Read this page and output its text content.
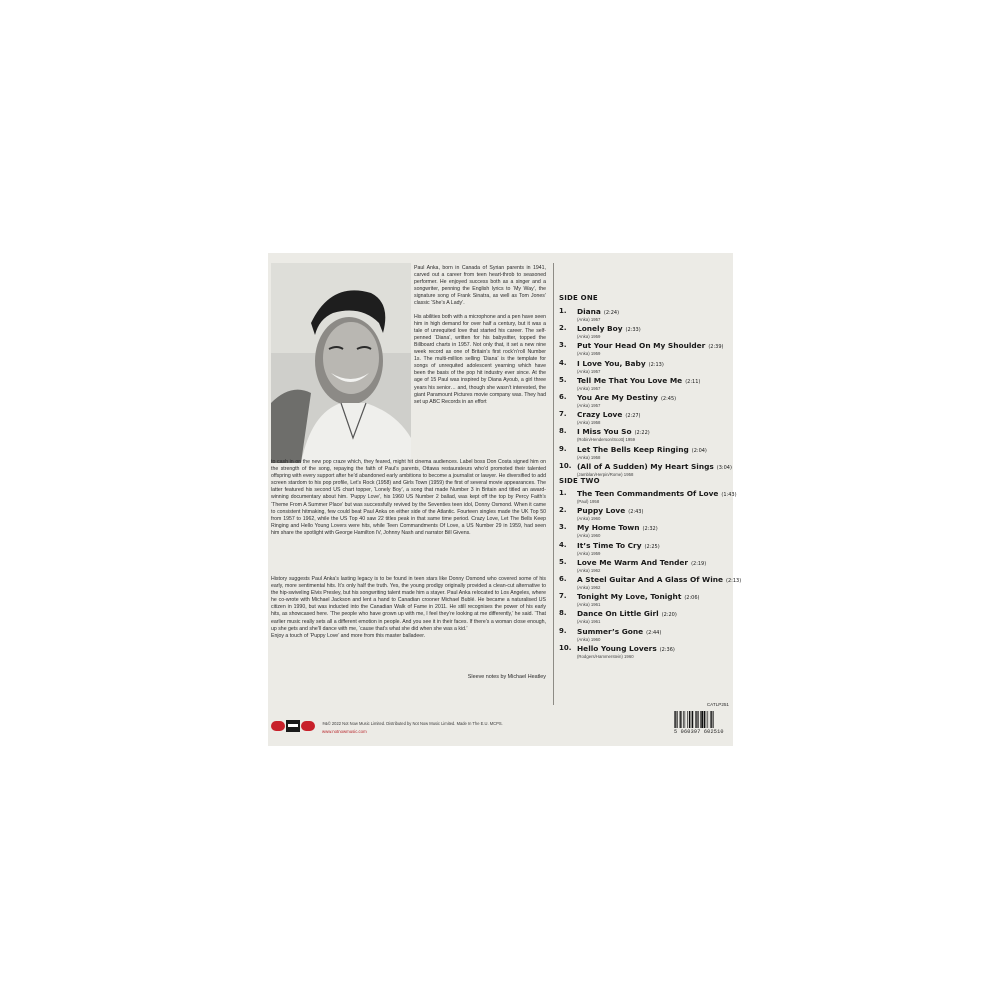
Paul Anka, born in Canada of Syrian parents in 1941, carved out a career from teen heart-throb to seasoned performer. He enjoyed success both as a singer and a songwriter, penning the English lyrics to ‘My Way’, the signature song of Frank Sinatra, as well as Tom Jones’ classic ‘She’s A Lady’.

His abilities both with a microphone and a pen have seen him in high demand for over half a century, but it was a tale of unrequited love that started his career. The self-penned ‘Diana’, written for his babysitter, topped the Billboard charts in 1957. Not only that, it set a new nine week record as one of Britain’s first rock’n’roll Number 1s. The multi-million selling ‘Diana’ is the template for songs of unrequited adolescent yearning which have been the basis of the pop hit industry ever since. At the age of 15 Paul was inspired by Diana Ayoub, a girl three years his senior… and, though she wasn’t interested, the giant Paramount Pictures movie company was. They had set up ABC Records in an effort

to cash in on the new pop craze which, they feared, might hit cinema audiences. Label boss Don Costa signed him on the strength of the song, repaying the faith of Paul’s parents, Ottawa restaurateurs who’d promoted their talented offspring with every support after he’d abandoned early ambitions to become a journalist or lawyer. He diversified to add screen stardom to his pop profile, Let’s Rock (1958) and Girls Town (1959) the first of several movie appearances. The latter featured his second US chart topper, ‘Lonely Boy’, a song that made Number 3 in Britain and titled an award-winning documentary about him. ‘Puppy Love’, his 1960 US Number 2 ballad, was kept off the top by Percy Faith’s ‘Theme From A Summer Place’ but was successfully revived by the Seventies teen idol, Donny Osmond. When it came to consistent hitmaking, few could beat Paul Anka on either side of the Atlantic. Fourteen singles made the UK Top 50 from 1957 to 1962, while the US Top 40 saw 22 titles peak in that same time period. Crazy Love, Let The Bells Keep Ringing and Hello Young Lovers were hits, while Teen Commandments Of Love, a US Number 29 in 1959, had seen him share the spotlight with George Hamilton IV, Johnny Nash and narrator Bill Givens.

History suggests Paul Anka’s lasting legacy is to be found in teen stars like Donny Osmond who covered some of his early, more sentimental hits. It’s only half the truth. Yes, the young prodigy originally provided a clean-cut alternative to the hip-swiveling Elvis Presley, but his songwriting talent made him a stayer. Paul Anka relocated to Los Angeles, where he co-wrote with Michael Jackson and lent a hand to Canadian crooner Michael Bublé. He became a naturalised US citizen in 1990, but was inducted into the Canadian Walk of Fame in 2011. He still recognises the power of his early hits, as showcased here. ‘The people who have grown up with me, I feel they’re looking at me differently,’ he said. ‘That earlier music really sets all a different emotion in people. And you see it in their faces. If there’s a woman close enough, up she gets and she’ll dance with me, ‘cause that’s what she did when she was a kid.’

Enjoy a touch of ‘Puppy Love’ and more from this master balladeer.

Sleeve notes by Michael Heatley
SIDE ONE
1.	Diana (2:24)
(Anka) 1957
2.	Lonely Boy (2:33)
(Anka) 1959
3.	Put Your Head On My Shoulder (2:39)
(Anka) 1959
4.	I Love You, Baby (2:13)
(Anka) 1957
5.	Tell Me That You Love Me (2:11)
(Anka) 1957
6.	You Are My Destiny (2:45)
(Anka) 1957
7.	Crazy Love (2:27)
(Anka) 1958
8.	I Miss You So (2:22)
(Robin/Henderson/Scott) 1959
9.	Let The Bells Keep Ringing (2:04)
(Anka) 1958
10. (All of A Sudden) My Heart Sings (3:04)
(Jamblan/Herpin/Rome) 1958
SIDE TWO
1.	The Teen Commandments Of Love (1:43)
(Paul) 1958
2.	Puppy Love (2:43)
(Anka) 1960
3.	My Home Town (2:32)
(Anka) 1960
4.	It’s Time To Cry (2:25)
(Anka) 1959
5.	Love Me Warm And Tender (2:19)
(Anka) 1962
6.	A Steel Guitar And A Glass Of Wine (2:13)
(Anka) 1962
7.	Tonight My Love, Tonight (2:06)
(Anka) 1961
8.	Dance On Little Girl (2:20)
(Anka) 1961
9.	Summer’s Gone (2:44)
(Anka) 1960
10. Hello Young Lovers (2:36)
(Rodgers/Hammerstein) 1960
CATLP251
5 060397 602510
℗&© 2022 Not Now Music Limited. Distributed by Not Now Music Limited. Made In The E.U. MCPS.
www.notnowmusic.com
